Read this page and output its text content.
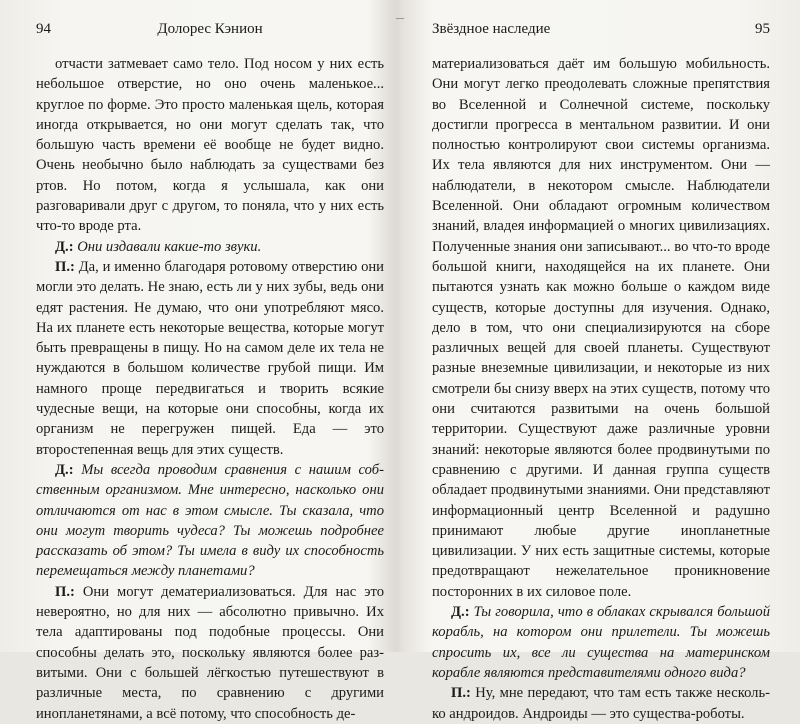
94	Долорес Кэнион

отчасти затмевает само тело. Под носом у них есть небольшое отверстие, но оно очень маленькое... круглое по форме. Это просто маленькая щель, которая иногда открывается, но они могут сделать так, что большую часть времени её вообще не будет видно. Очень необычно было наблюдать за существами без ртов. Но потом, когда я услышала, как они разговаривали друг с другом, то поняла, что у них есть что-то вроде рта.

Д.: Они издавали какие-то звуки.

П.: Да, и именно благодаря ротовому отверстию они могли это делать. Не знаю, есть ли у них зубы, ведь они едят растения. Не думаю, что они употребляют мясо. На их планете есть некоторые вещества, которые могут быть превращены в пищу. Но на самом деле их тела не нуждаются в большом количестве грубой пищи. Им намного проще передвигаться и творить всякие чудесные вещи, на которые они способны, когда их организм не перегружен пищей. Еда — это второстепенная вещь для этих существ.

Д.: Мы всегда проводим сравнения с нашим собственным организмом. Мне интересно, насколько они отличаются от нас в этом смысле. Ты сказала, что они могут творить чудеса? Ты можешь подробнее рассказать об этом? Ты имела в виду их способность перемещаться между планетами?

П.: Они могут дематериализоваться. Для нас это невероятно, но для них — абсолютно привычно. Их тела адаптированы под подобные процессы. Они способны делать это, поскольку являются более развитыми. Они с большей лёгкостью путешествуют в различные места, по сравнению с другими инопланетянами, а всё потому, что способность де-

Звёздное наследие	95

материализоваться даёт им большую мобильность. Они могут легко преодолевать сложные препятствия во Вселенной и Солнечной системе, поскольку достигли прогресса в ментальном развитии. И они полностью контролируют свои системы организма. Их тела являются для них инструментом. Они — наблюдатели, в некотором смысле. Наблюдатели Вселенной. Они обладают огромным количеством знаний, владея информацией о многих цивилизациях. Полученные знания они записывают... во что-то вроде большой книги, находящейся на их планете. Они пытаются узнать как можно больше о каждом виде существ, которые доступны для изучения. Однако, дело в том, что они специализируются на сборе различных вещей для своей планеты. Существуют разные внеземные цивилизации, и некоторые из них смотрели бы снизу вверх на этих существ, потому что они считаются развитыми на очень большой территории. Существуют даже различные уровни знаний: некоторые являются более продвинутыми по сравнению с другими. И данная группа существ обладает продвинутыми знаниями. Они представляют информационный центр Вселенной и радушно принимают любые другие инопланетные цивилизации. У них есть защитные системы, которые предотвращают нежелательное проникновение посторонних в их силовое поле.

Д.: Ты говорила, что в облаках скрывался большой корабль, на котором они прилетели. Ты можешь спросить их, все ли существа на материнском корабле являются представителями одного вида?

П.: Ну, мне передают, что там есть также несколько андроидов. Андроиды — это существа-роботы.
